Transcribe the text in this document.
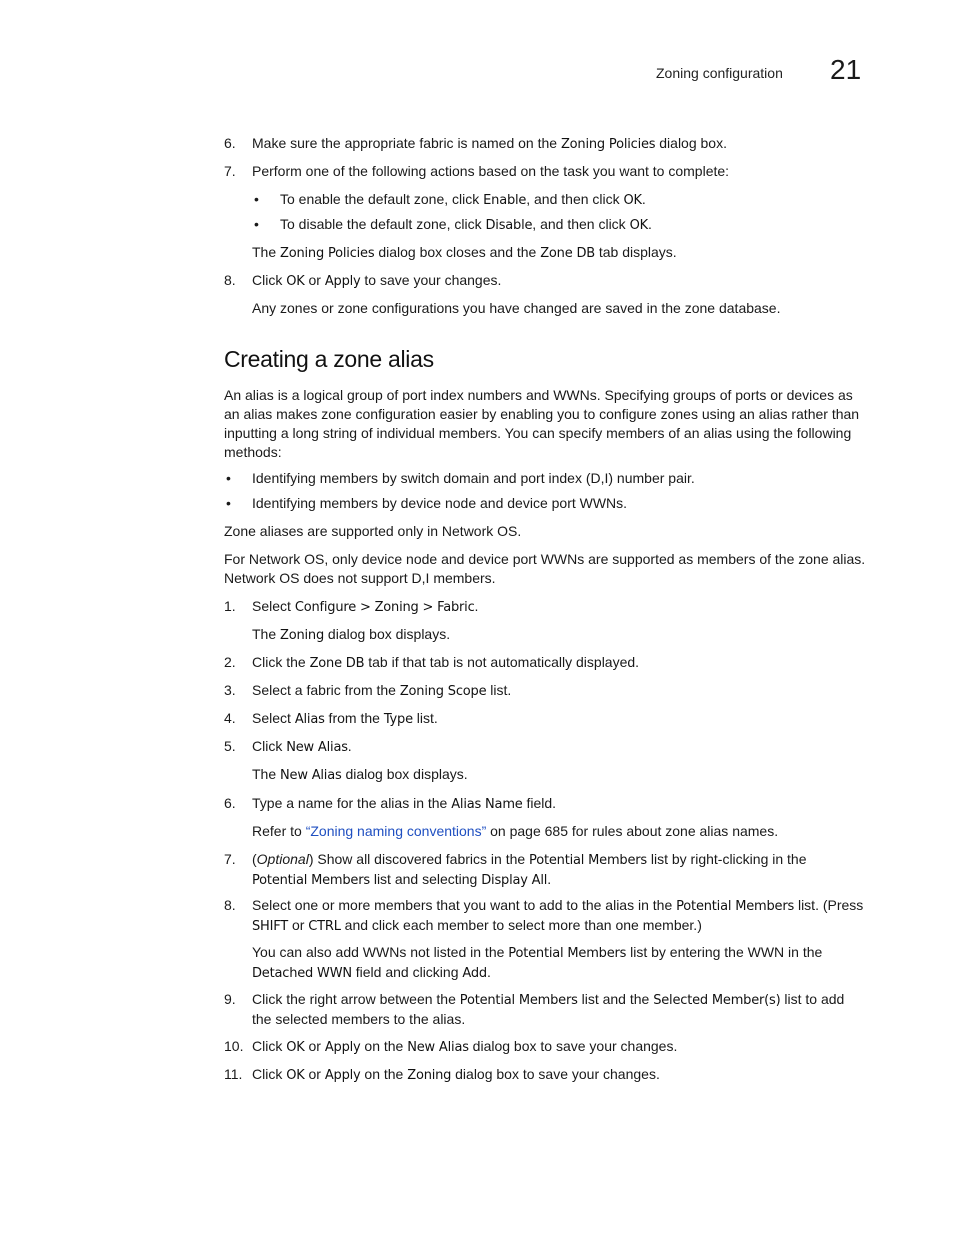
Zoning configuration 21
6. Make sure the appropriate fabric is named on the Zoning Policies dialog box.
7. Perform one of the following actions based on the task you want to complete:
• To enable the default zone, click Enable, and then click OK.
• To disable the default zone, click Disable, and then click OK.
The Zoning Policies dialog box closes and the Zone DB tab displays.
8. Click OK or Apply to save your changes.
Any zones or zone configurations you have changed are saved in the zone database.
Creating a zone alias
An alias is a logical group of port index numbers and WWNs. Specifying groups of ports or devices as an alias makes zone configuration easier by enabling you to configure zones using an alias rather than inputting a long string of individual members. You can specify members of an alias using the following methods:
• Identifying members by switch domain and port index (D,I) number pair.
• Identifying members by device node and device port WWNs.
Zone aliases are supported only in Network OS.
For Network OS, only device node and device port WWNs are supported as members of the zone alias. Network OS does not support D,I members.
1. Select Configure > Zoning > Fabric.
The Zoning dialog box displays.
2. Click the Zone DB tab if that tab is not automatically displayed.
3. Select a fabric from the Zoning Scope list.
4. Select Alias from the Type list.
5. Click New Alias.
The New Alias dialog box displays.
6. Type a name for the alias in the Alias Name field.
Refer to “Zoning naming conventions” on page 685 for rules about zone alias names.
7. (Optional) Show all discovered fabrics in the Potential Members list by right-clicking in the Potential Members list and selecting Display All.
8. Select one or more members that you want to add to the alias in the Potential Members list. (Press SHIFT or CTRL and click each member to select more than one member.)
You can also add WWNs not listed in the Potential Members list by entering the WWN in the Detached WWN field and clicking Add.
9. Click the right arrow between the Potential Members list and the Selected Member(s) list to add the selected members to the alias.
10. Click OK or Apply on the New Alias dialog box to save your changes.
11. Click OK or Apply on the Zoning dialog box to save your changes.
